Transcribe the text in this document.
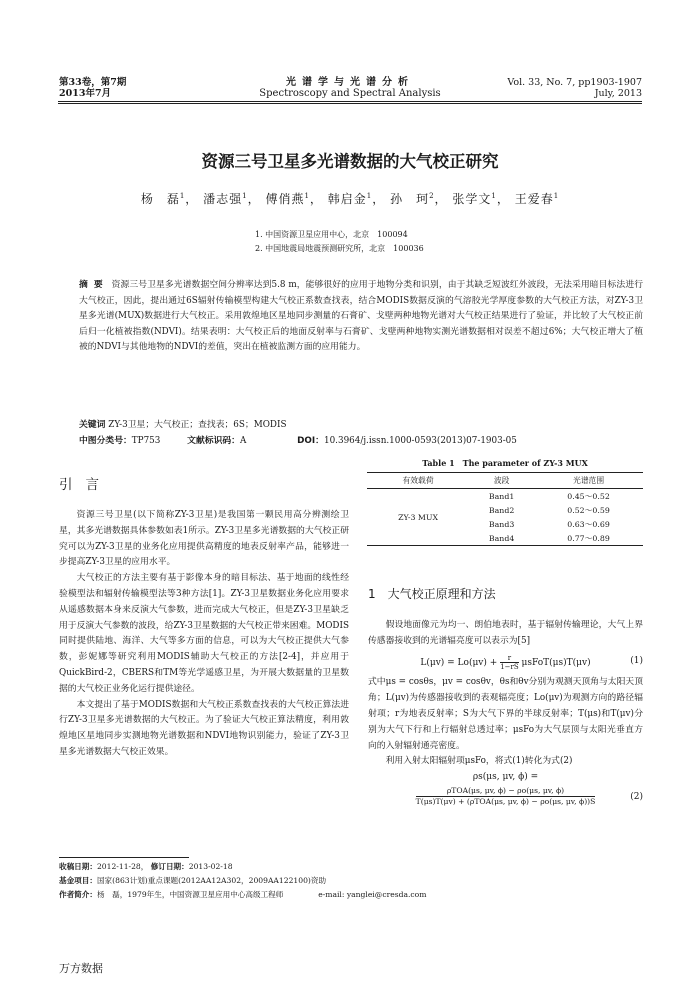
第33卷，第7期
2013年7月
光谱学与光谱分析
Spectroscopy and Spectral Analysis
Vol. 33, No. 7, pp1903-1907
July, 2013
资源三号卫星多光谱数据的大气校正研究
杨　磊$^1$， 潘志强$^1$， 傅俏燕$^1$， 韩启金$^1$， 孙　珂$^2$， 张学文$^1$， 王爱春$^1$
1. 中国资源卫星应用中心，北京　100094
2. 中国地震局地震预测研究所，北京　100036
摘要 资源三号卫星多光谱数据空间分辨率达到5.8 m，能够很好的应用于地物分类和识别，由于其缺乏短波红外波段，无法采用暗目标法进行大气校正，因此，提出通过6S辐射传输模型构建大气校正系数查找表，结合MODIS数据反演的气溶胶光学厚度参数的大气校正方法，对ZY-3卫星多光谱(MUX)数据进行大气校正。采用敦煌地区星地同步测量的石膏矿、戈壁两种地物光谱对大气校正结果进行了验证，并比较了大气校正前后归一化植被指数(NDVI)。结果表明：大气校正后的地面反射率与石膏矿、戈壁两种地物实测光谱数据相对误差不超过6%；大气校正增大了植被的NDVI与其他地物的NDVI的差值，突出在植被监测方面的应用能力。
关键词 ZY-3卫星；大气校正；查找表；6S；MODIS
中图分类号：TP753	文献标识码：A	DOI：10.3964/j.issn.1000-0593(2013)07-1903-05
引言

资源三号卫星(以下简称ZY-3卫星)是我国第一颗民用高分辨测绘卫星，其多光谱数据具体参数如表1所示。ZY-3卫星多光谱数据的大气校正研究可以为ZY-3卫星的业务化应用提供高精度的地表反射率产品，能够进一步提高ZY-3卫星的应用水平。

大气校正的方法主要有基于影像本身的暗目标法、基于地面的线性经验模型法和辐射传输模型法等3种方法[1]。ZY-3卫星数据业务化应用要求从遥感数据本身来反演大气参数，进而完成大气校正，但是ZY-3卫星缺乏用于反演大气参数的波段，给ZY-3卫星数据的大气校正带来困难。MODIS同时提供陆地、海洋、大气等多方面的信息，可以为大气校正提供大气参数，彭妮娜等研究利用MODIS辅助大气校正的方法[2-4]，并应用于QuickBird-2，CBERS和TM等光学遥感卫星，为开展大数据量的卫星数据的大气校正业务化运行提供途径。

本文提出了基于MODIS数据和大气校正系数查找表的大气校正算法进行ZY-3卫星多光谱数据的大气校正。为了验证大气校正算法精度，利用敦煌地区星地同步实测地物光谱数据和NDVI地物识别能力，验证了ZY-3卫星多光谱数据大气校正效果。

Table 1　The parameter of ZY-3 MUX
有效载荷	波段	光谱范围
ZY-3 MUX	Band1	0.45～0.52
	Band2	0.52～0.59
	Band3	0.63～0.69
	Band4	0.77～0.89
1　大气校正原理和方法

假设地面像元为均一、朗伯地表时，基于辐射传输理论，大气上界传感器接收到的光谱辐亮度可以表示为[5]

$L(\mu v) = Lo(\mu v) + \frac{r}{1-rS}$ μsFoT(μs)T(μv)	(1)

式中μs = cosθs，μv = cosθv，θs和θv分别为观测天顶角与太阳天顶角；L(μv)为传感器接收到的表观辐亮度；Lo(μv)为观测方向的路径辐射项；r为地表反射率；S为大气下界的半球反射率；T(μs)和T(μv)分别为大气下行和上行辐射总透过率；μsFo为大气层顶与太阳光垂直方向的入射辐射通亮密度。

利用入射太阳辐射项μsFo，将式(1)转化为式(2)

ρs(μs, μv, ϕ) =
ρTOA(μs, μv, ϕ) − ρo(μs, μv, ϕ)
T(μs)T(μv) + (ρTOA(μs, μv, ϕ) − ρo(μs, μv, ϕ))S	(2)
收稿日期：2012-11-28， 修订日期：2013-02-18
基金项目：国家(863计划)重点课题(2012AA12A302，2009AA122100)资助
作者简介：杨　磊，1979年生，中国资源卫星应用中心高级工程师	e-mail: yanglei@cresda.com
万方数据
